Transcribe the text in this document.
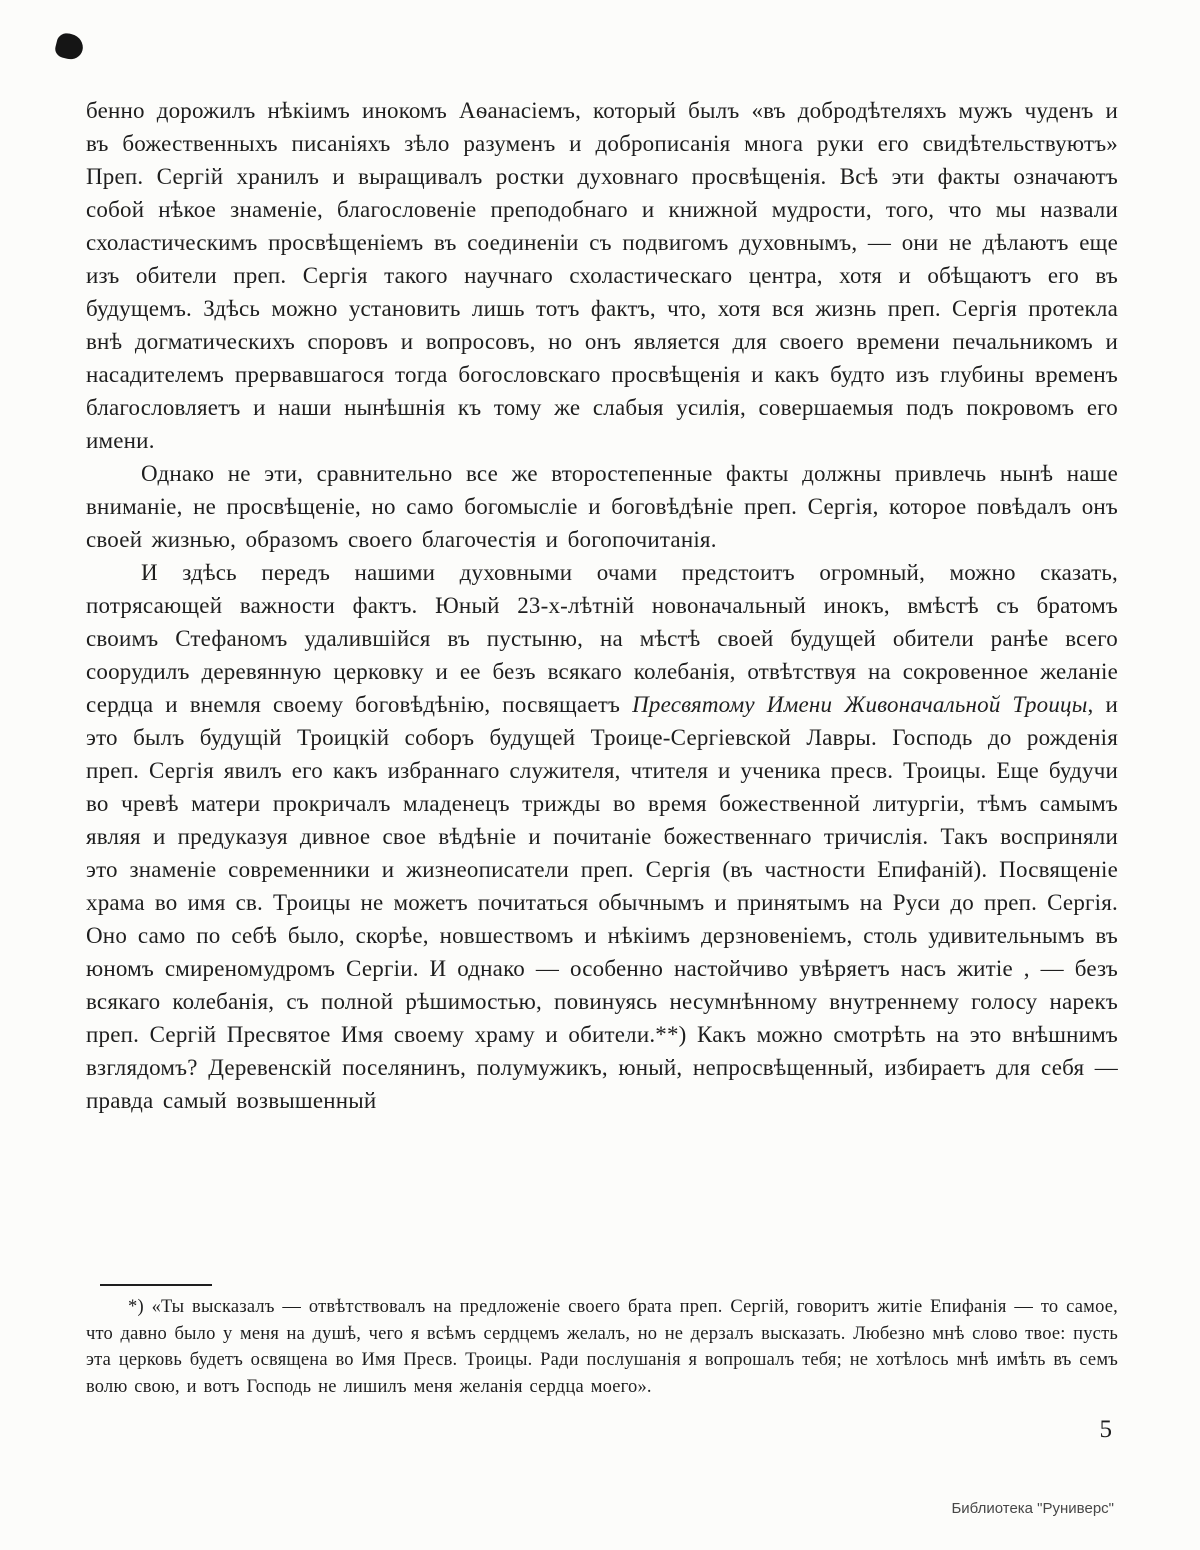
бенно дорожилъ нѣкіимъ инокомъ Аѳанасіемъ, который былъ «въ добродѣтеляхъ мужъ чуденъ и въ божественныхъ писаніяхъ зѣло разуменъ и доброписанія многа руки его свидѣтельствуютъ» Преп. Сергій хранилъ и выращивалъ ростки духовнаго просвѣщенія. Всѣ эти факты означаютъ собой нѣкое знаменіе, благословеніе преподобнаго и книжной мудрости, того, что мы назвали схоластическимъ просвѣщеніемъ въ соединеніи съ подвигомъ духовнымъ, — они не дѣлаютъ еще изъ обители преп. Сергія такого научнаго схоластическаго центра, хотя и обѣщаютъ его въ будущемъ. Здѣсь можно установить лишь тотъ фактъ, что, хотя вся жизнь преп. Сергія протекла внѣ догматическихъ споровъ и вопросовъ, но онъ является для своего времени печальникомъ и насадителемъ прервавшагося тогда богословскаго просвѣщенія и какъ будто изъ глубины временъ благословляетъ и наши нынѣшнія къ тому же слабыя усилія, совершаемыя подъ покровомъ его имени.

Однако не эти, сравнительно все же второстепенные факты должны привлечь нынѣ наше вниманіе, не просвѣщеніе, но само богомысліе и боговѣдѣніе преп. Сергія, которое повѣдалъ онъ своей жизнью, образомъ своего благочестія и богопочитанія.

И здѣсь передъ нашими духовными очами предстоитъ огромный, можно сказать, потрясающей важности фактъ. Юный 23-х-лѣтній новоначальный инокъ, вмѣстѣ съ братомъ своимъ Стефаномъ удалившійся въ пустыню, на мѣстѣ своей будущей обители ранѣе всего соорудилъ деревянную церковку и ее безъ всякаго колебанія, отвѣтствуя на сокровенное желаніе сердца и внемля своему боговѣдѣнію, посвящаетъ Пресвятому Имени Живоначальной Троицы, и это былъ будущій Троицкій соборъ будущей Троице-Сергіевской Лавры. Господь до рожденія преп. Сергія явилъ его какъ избраннаго служителя, чтителя и ученика пресв. Троицы. Еще будучи во чревѣ матери прокричалъ младенецъ трижды во время божественной литургіи, тѣмъ самымъ являя и предуказуя дивное свое вѣдѣніе и почитаніе божественнаго тричислія. Такъ восприняли это знаменіе современники и жизнеописатели преп. Сергія (въ частности Епифаній). Посвященіе храма во имя св. Троицы не можетъ почитаться обычнымъ и принятымъ на Руси до преп. Сергія. Оно само по себѣ было, скорѣе, новшествомъ и нѣкіимъ дерзновеніемъ, столь удивительнымъ въ юномъ смиреномудромъ Сергіи. И однако — особенно настойчиво увѣряетъ насъ житіе , — безъ всякаго колебанія, съ полной рѣшимостью, повинуясь несумнѣнному внутреннему голосу нарекъ преп. Сергій Пресвятое Имя своему храму и обители.**) Какъ можно смотрѣть на это внѣшнимъ взглядомъ? Деревенскій поселянинъ, полумужикъ, юный, непросвѣщенный, избираетъ для себя — правда самый возвышенный

*) «Ты высказалъ — отвѣтствовалъ на предложеніе своего брата преп. Сергій, говоритъ житіе Епифанія — то самое, что давно было у меня на душѣ, чего я всѣмъ сердцемъ желалъ, но не дерзалъ высказать. Любезно мнѣ слово твое: пусть эта церковь будетъ освящена во Имя Пресв. Троицы. Ради послушанія я вопрошалъ тебя; не хотѣлось мнѣ имѣть въ семъ волю свою, и вотъ Господь не лишилъ меня желанія сердца моего».

5
Библиотека "Руниверс"
